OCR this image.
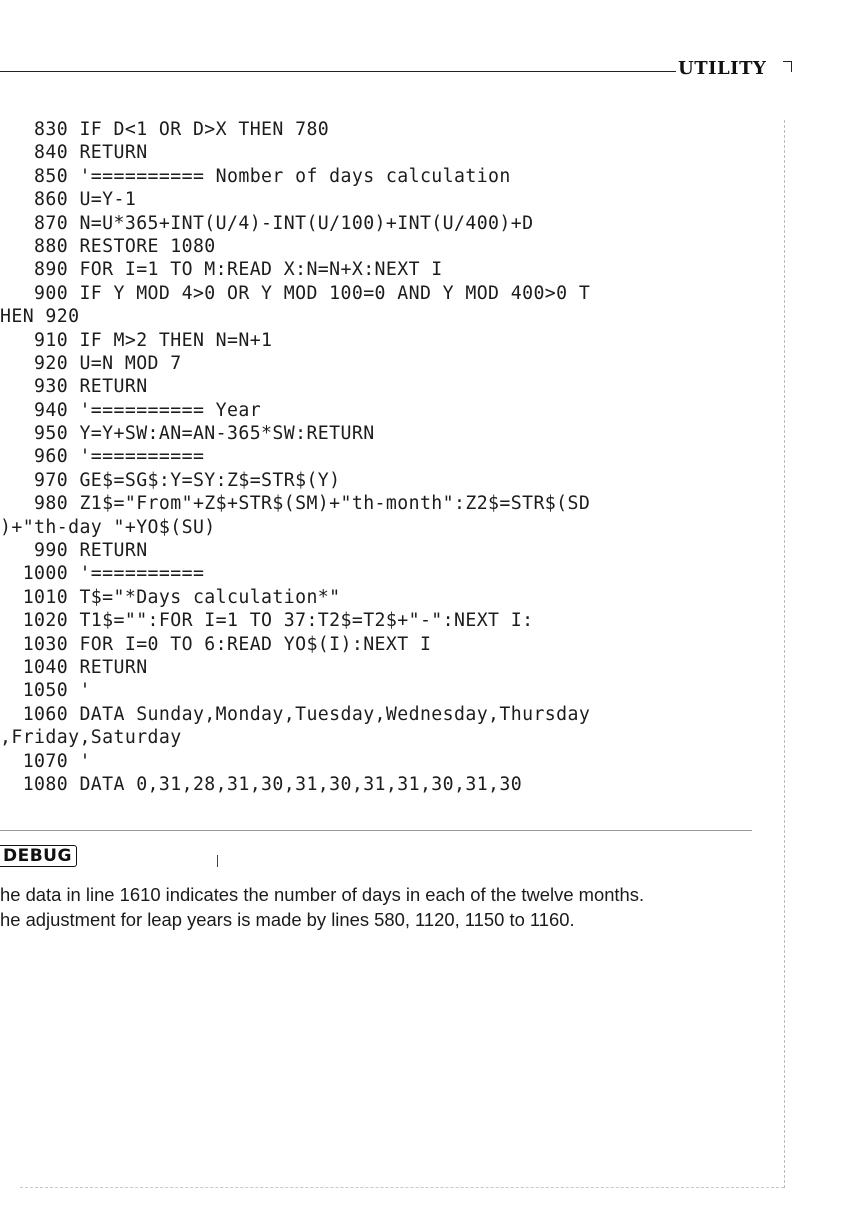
UTILITY
830 IF D<1 OR D>X THEN 780
840 RETURN
850 '========== Nomber of days calculation
860 U=Y-1
870 N=U*365+INT(U/4)-INT(U/100)+INT(U/400)+D
880 RESTORE 1080
890 FOR I=1 TO M:READ X:N=N+X:NEXT I
900 IF Y MOD 4>0 OR Y MOD 100=0 AND Y MOD 400>0 T
HEN 920
910 IF M>2 THEN N=N+1
920 U=N MOD 7
930 RETURN
940 '========== Year
950 Y=Y+SW:AN=AN-365*SW:RETURN
960 '==========
970 GE$=SG$:Y=SY:Z$=STR$(Y)
980 Z1$="From"+Z$+STR$(SM)+"th-month":Z2$=STR$(SD
)+"th-day "+YO$(SU)
990 RETURN
1000 '==========
1010 T$="*Days calculation*"
1020 T1$="":FOR I=1 TO 37:T2$=T2$+"-":NEXT I:
1030 FOR I=0 TO 6:READ YO$(I):NEXT I
1040 RETURN
1050 '
1060 DATA Sunday,Monday,Tuesday,Wednesday,Thursday
,Friday,Saturday
1070 '
1080 DATA 0,31,28,31,30,31,30,31,31,30,31,30
DEBUG

he data in line 1610 indicates the number of days in each of the twelve months.

he adjustment for leap years is made by lines 580, 1120, 1150 to 1160.
